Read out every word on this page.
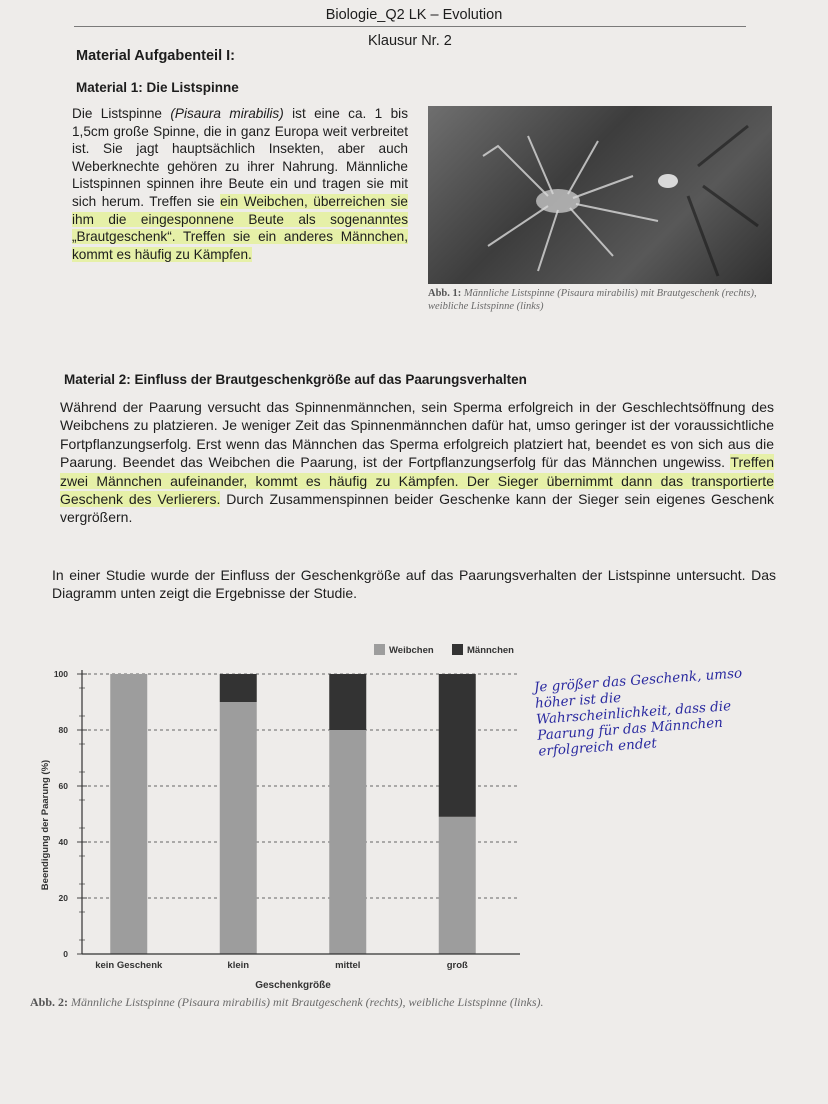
Biologie_Q2 LK – Evolution
Klausur Nr. 2
Material Aufgabenteil I:
Material 1: Die Listspinne
Die Listspinne (Pisaura mirabilis) ist eine ca. 1 bis 1,5cm große Spinne, die in ganz Europa weit verbreitet ist. Sie jagt hauptsächlich Insekten, aber auch Weberknechte gehören zu ihrer Nahrung. Männliche Listspinnen spinnen ihre Beute ein und tragen sie mit sich herum. Treffen sie ein Weibchen, überreichen sie ihm die eingesponnene Beute als sogenanntes „Brautgeschenk“. Treffen sie ein anderes Männchen, kommt es häufig zu Kämpfen.
Abb. 1: Männliche Listspinne (Pisaura mirabilis) mit Brautgeschenk (rechts), weibliche Listspinne (links)
Material 2: Einfluss der Brautgeschenkgröße auf das Paarungsverhalten
Während der Paarung versucht das Spinnenmännchen, sein Sperma erfolgreich in der Geschlechtsöffnung des Weibchens zu platzieren. Je weniger Zeit das Spinnenmännchen dafür hat, umso geringer ist der voraussichtliche Fortpflanzungserfolg. Erst wenn das Männchen das Sperma erfolgreich platziert hat, beendet es von sich aus die Paarung. Beendet das Weibchen die Paarung, ist der Fortpflanzungserfolg für das Männchen ungewiss. Treffen zwei Männchen aufeinander, kommt es häufig zu Kämpfen. Der Sieger übernimmt dann das transportierte Geschenk des Verlierers. Durch Zusammenspinnen beider Geschenke kann der Sieger sein eigenes Geschenk vergrößern.
In einer Studie wurde der Einfluss der Geschenkgröße auf das Paarungsverhalten der Listspinne untersucht. Das Diagramm unten zeigt die Ergebnisse der Studie.
Weibchen	Männchen
0
20
40
60
80
100
kein Geschenk	klein	mittel	groß
Beendigung der Paarung (%)
Geschenkgröße
Je größer das Geschenk, umso höher ist die Wahrscheinlichkeit, dass die Paarung für das Männchen erfolgreich endet
Abb. 2: Männliche Listspinne (Pisaura mirabilis) mit Brautgeschenk (rechts), weibliche Listspinne (links).
